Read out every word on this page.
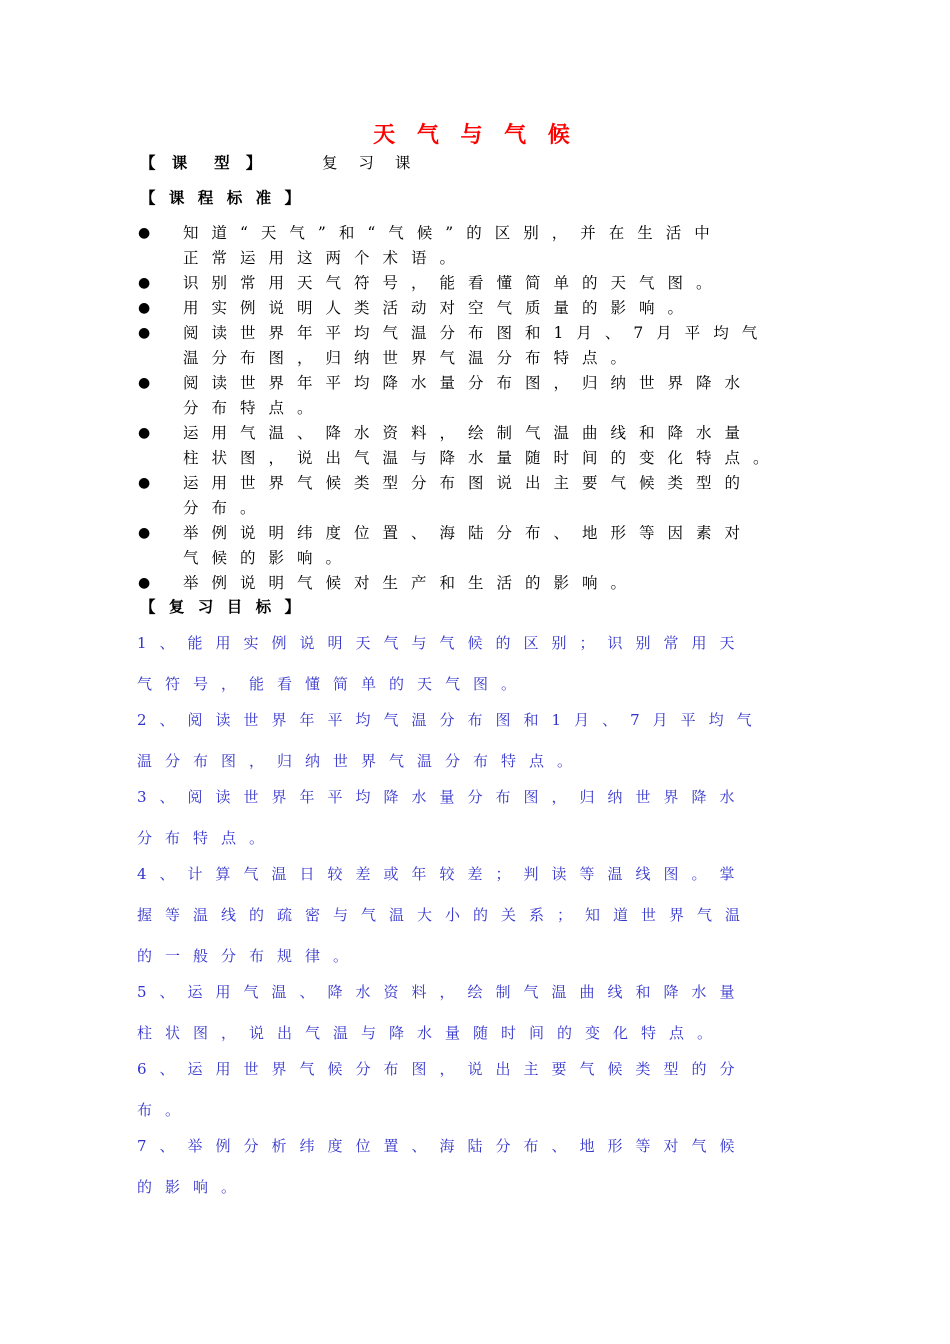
天 气 与 气 候
【   课     型   】	复 习 课
【 课 程 标 准 】
● 知道“天气”和“气候”的区别，并在生活中
正常运用这两个术语。
● 识别常用天气符号，能看懂简单的天气图。
● 用实例说明人类活动对空气质量的影响。
● 阅读世界年平均气温分布图和1月、7月平均气
温分布图，归纳世界气温分布特点。
● 阅读世界年平均降水量分布图，归纳世界降水
分布特点。
● 运用气温、降水资料，绘制气温曲线和降水量
柱状图，说出气温与降水量随时间的变化特点。
● 运用世界气候类型分布图说出主要气候类型的
分布。
● 举例说明纬度位置、海陆分布、地形等因素对
气候的影响。
● 举例说明气候对生产和生活的影响。
【 复 习 目 标 】
1、能用实例说明天气与气候的区别；识别常用天
气符号，能看懂简单的天气图。
2、阅读世界年平均气温分布图和1月、7月平均气
温分布图，归纳世界气温分布特点。
3、阅读世界年平均降水量分布图，归纳世界降水
分布特点。
4、计算气温日较差或年较差；判读等温线图。掌
握等温线的疏密与气温大小的关系；知道世界气温
的一般分布规律。
5、运用气温、降水资料，绘制气温曲线和降水量
柱状图，说出气温与降水量随时间的变化特点。
6、运用世界气候分布图，说出主要气候类型的分
布。
7、举例分析纬度位置、海陆分布、地形等对气候
的影响。
